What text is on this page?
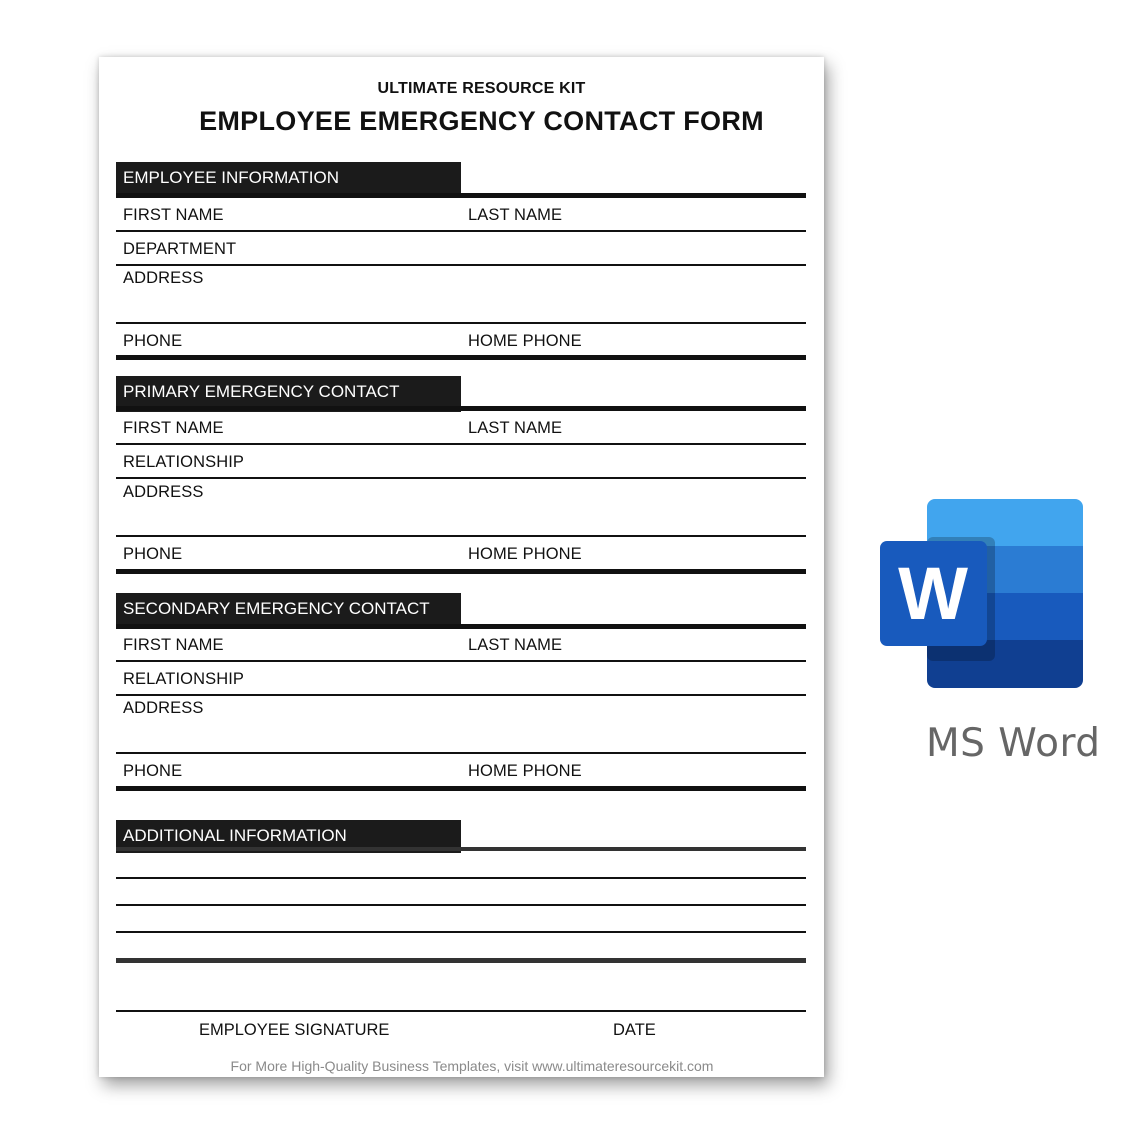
ULTIMATE RESOURCE KIT
EMPLOYEE EMERGENCY CONTACT FORM
EMPLOYEE INFORMATION
FIRST NAME	LAST NAME
DEPARTMENT
ADDRESS
PHONE	HOME PHONE
PRIMARY EMERGENCY CONTACT
FIRST NAME	LAST NAME
RELATIONSHIP
ADDRESS
PHONE	HOME PHONE
SECONDARY EMERGENCY CONTACT
FIRST NAME	LAST NAME
RELATIONSHIP
ADDRESS
PHONE	HOME PHONE
ADDITIONAL INFORMATION
EMPLOYEE SIGNATURE	DATE
For More High-Quality Business Templates, visit www.ultimateresourcekit.com
W
MS Word
